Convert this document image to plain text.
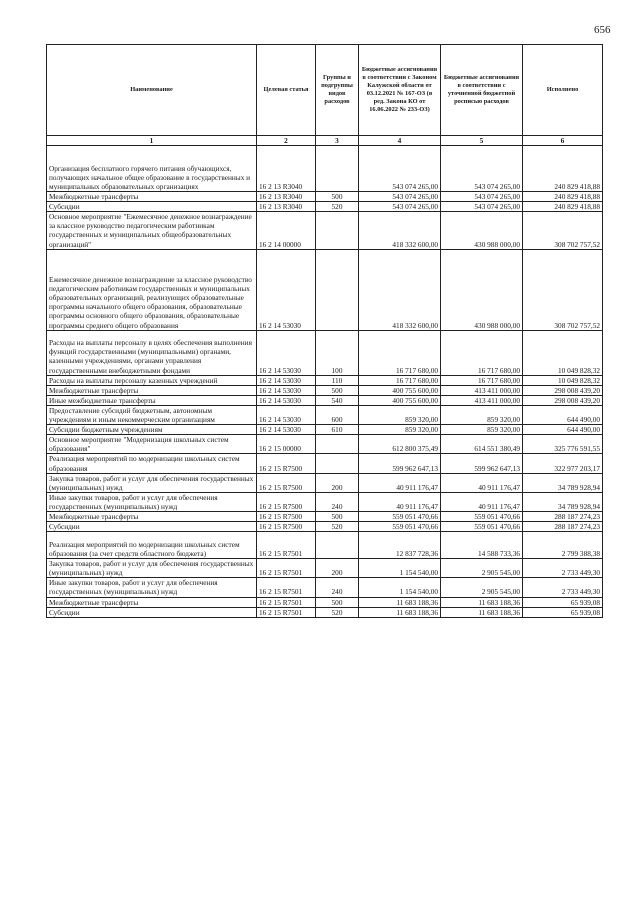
656
Наименование	Целевая статья	Группы и подгруппы видов расходов	Бюджетные ассигнования в соответствии с Законом Калужской области от 03.12.2021 № 167-ОЗ (в ред. Закона КО от 16.06.2022 № 233-ОЗ)	Бюджетные ассигнования в соответствии с уточненной бюджетной росписью расходов	Исполнено
1	2	3	4	5	6
Организация бесплатного горячего питания обучающихся, получающих начальное общее образование в государственных и муниципальных образовательных организациях	16 2 13 R3040		543 074 265,00	543 074 265,00	240 829 418,88
Межбюджетные трансферты	16 2 13 R3040	500	543 074 265,00	543 074 265,00	240 829 418,88
Субсидии	16 2 13 R3040	520	543 074 265,00	543 074 265,00	240 829 418,88
Основное мероприятие "Ежемесячное денежное вознаграждение за классное руководство педагогическим работникам государственных и муниципальных общеобразовательных организаций"	16 2 14 00000		418 332 600,00	430 988 000,00	308 702 757,52
Ежемесячное денежное вознаграждение за классное руководство педагогическим работникам государственных и муниципальных образовательных организаций, реализующих образовательные программы начального общего образования, образовательные программы основного общего образования, образовательные программы среднего общего образования	16 2 14 53030		418 332 600,00	430 988 000,00	308 702 757,52
Расходы на выплаты персоналу в целях обеспечения выполнения функций государственными (муниципальными) органами, казенными учреждениями, органами управления государственными внебюджетными фондами	16 2 14 53030	100	16 717 680,00	16 717 680,00	10 049 828,32
Расходы на выплаты персоналу казенных учреждений	16 2 14 53030	110	16 717 680,00	16 717 680,00	10 049 828,32
Межбюджетные трансферты	16 2 14 53030	500	400 755 600,00	413 411 000,00	298 008 439,20
Иные межбюджетные трансферты	16 2 14 53030	540	400 755 600,00	413 411 000,00	298 008 439,20
Предоставление субсидий бюджетным, автономным учреждениям и иным некоммерческим организациям	16 2 14 53030	600	859 320,00	859 320,00	644 490,00
Субсидии бюджетным учреждениям	16 2 14 53030	610	859 320,00	859 320,00	644 490,00
Основное мероприятие "Модернизация школьных систем образования"	16 2 15 00000		612 800 375,49	614 551 380,49	325 776 591,55
Реализация мероприятий по модернизации школьных систем образования	16 2 15 R7500		599 962 647,13	599 962 647,13	322 977 203,17
Закупка товаров, работ и услуг для обеспечения государственных (муниципальных) нужд	16 2 15 R7500	200	40 911 176,47	40 911 176,47	34 789 928,94
Иные закупки товаров, работ и услуг для обеспечения государственных (муниципальных) нужд	16 2 15 R7500	240	40 911 176,47	40 911 176,47	34 789 928,94
Межбюджетные трансферты	16 2 15 R7500	500	559 051 470,66	559 051 470,66	288 187 274,23
Субсидии	16 2 15 R7500	520	559 051 470,66	559 051 470,66	288 187 274,23
Реализация мероприятий по модернизации школьных систем образования (за счет средств областного бюджета)	16 2 15 R7501		12 837 728,36	14 588 733,36	2 799 388,38
Закупка товаров, работ и услуг для обеспечения государственных (муниципальных) нужд	16 2 15 R7501	200	1 154 540,00	2 905 545,00	2 733 449,30
Иные закупки товаров, работ и услуг для обеспечения государственных (муниципальных) нужд	16 2 15 R7501	240	1 154 540,00	2 905 545,00	2 733 449,30
Межбюджетные трансферты	16 2 15 R7501	500	11 683 188,36	11 683 188,36	65 939,08
Субсидии	16 2 15 R7501	520	11 683 188,36	11 683 188,36	65 939,08
